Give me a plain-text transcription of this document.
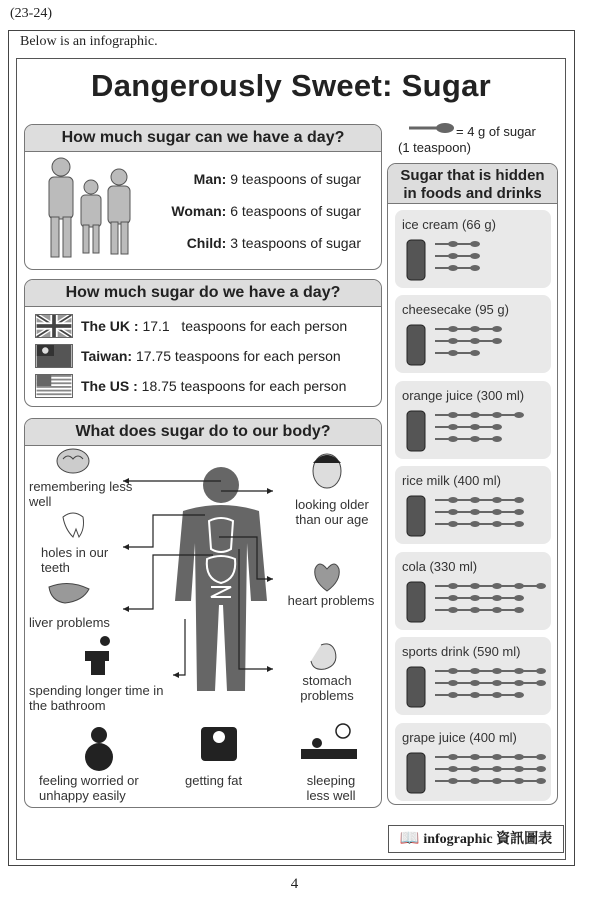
(23-24)
Below is an infographic.
Dangerously Sweet: Sugar
How much sugar can we have a day?
Man: 9 teaspoons of sugar
Woman: 6 teaspoons of sugar
Child: 3 teaspoons of sugar
How much sugar do we have a day?
The UK : 17.1   teaspoons for each person
Taiwan: 17.75 teaspoons for each person
The US : 18.75 teaspoons for each person
What does sugar do to our body?
remembering less well
holes in our teeth
liver problems
spending longer time in the bathroom
feeling worried or unhappy easily
getting fat	sleeping less well
looking older than our age
heart problems
stomach problems
= 4 g of sugar
(1 teaspoon)
Sugar that is hidden
in foods and drinks
ice cream (66 g)
cheesecake (95 g)
orange juice (300 ml)
rice milk (400 ml)
cola (330 ml)
sports drink (590 ml)
grape juice (400 ml)
📖 infographic 資訊圖表
4
